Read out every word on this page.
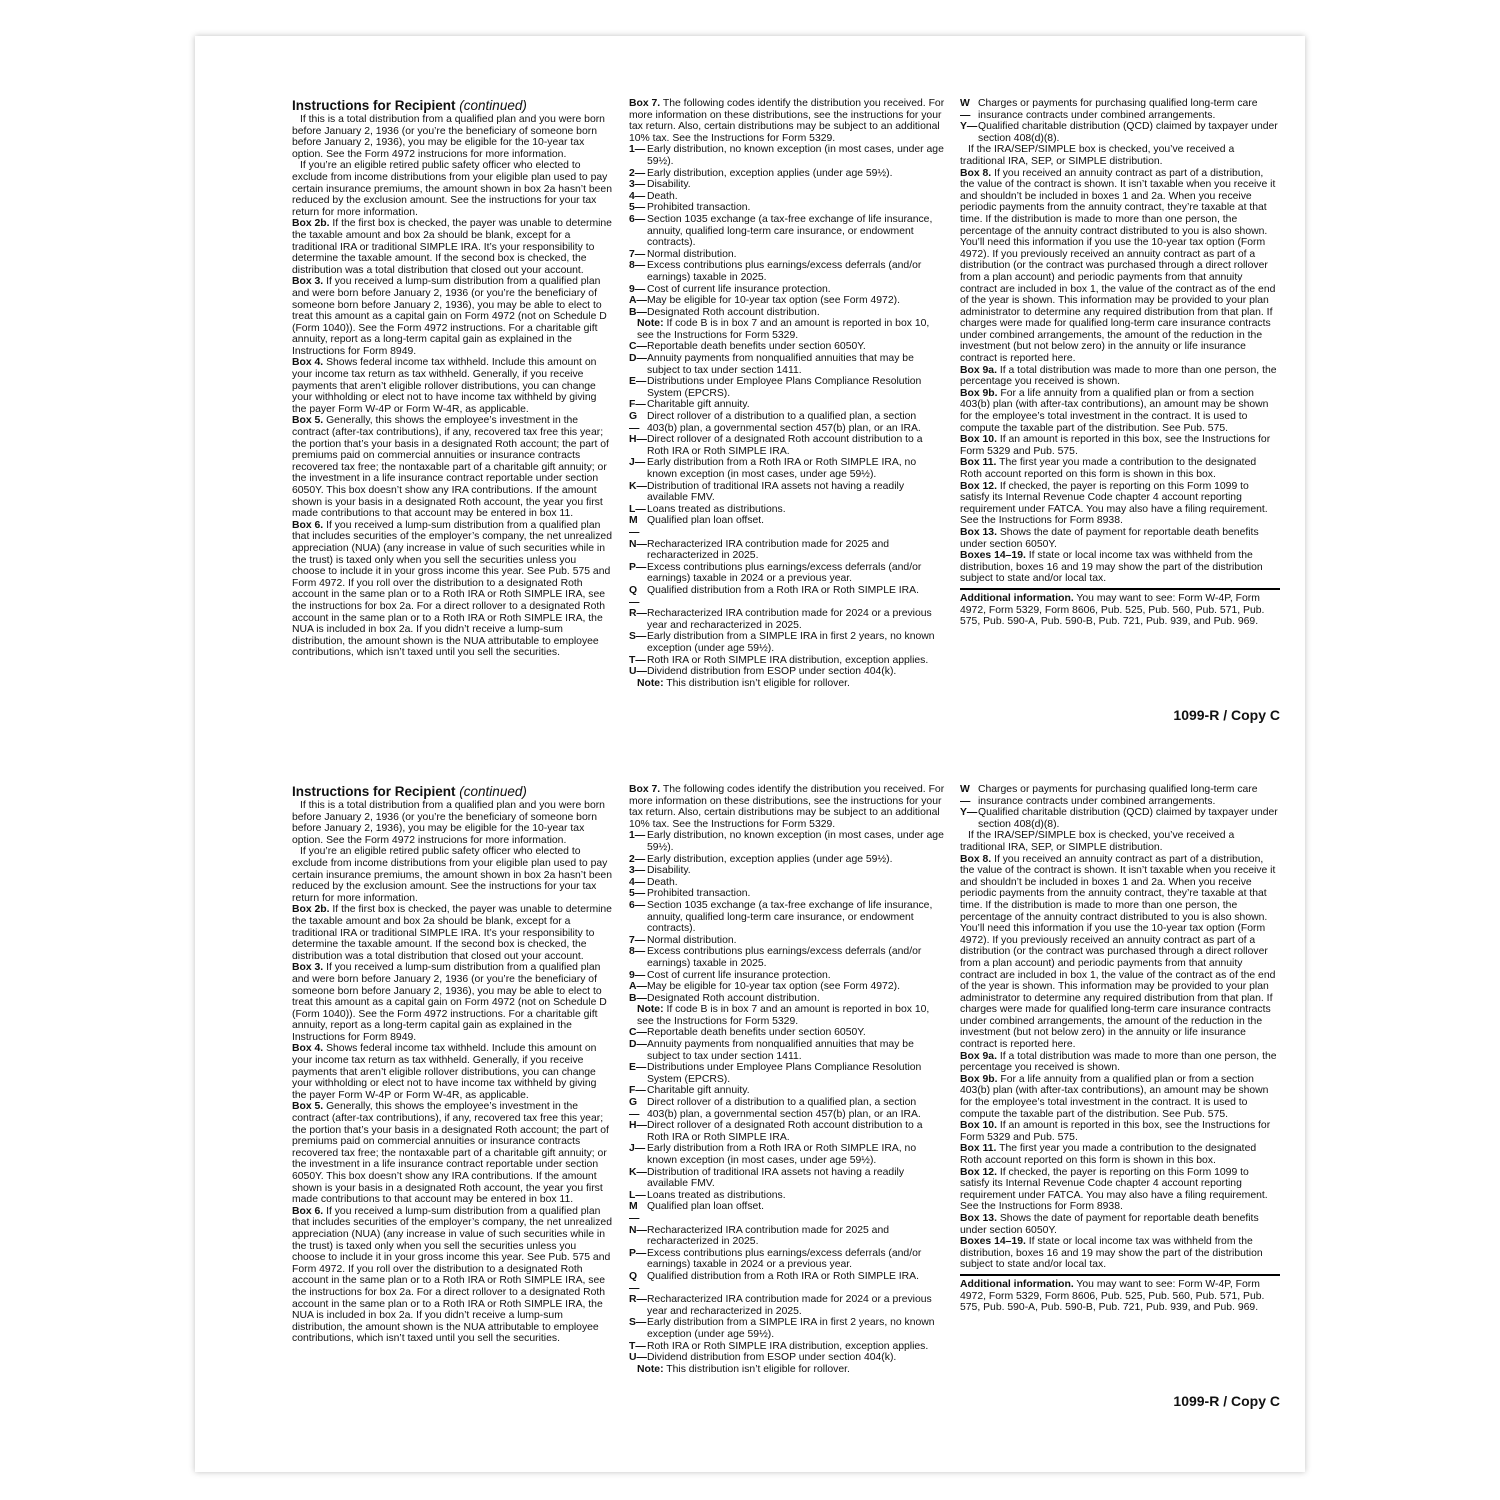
Instructions for Recipient (continued)

If this is a total distribution from a qualified plan and you were born before January 2, 1936 (or you’re the beneficiary of someone born before January 2, 1936), you may be eligible for the 10-year tax option. See the Form 4972 instrucions for more information.

If you’re an eligible retired public safety officer who elected to exclude from income distributions from your eligible plan used to pay certain insurance premiums, the amount shown in box 2a hasn’t been reduced by the exclusion amount. See the instructions for your tax return for more information.

Box 2b. If the first box is checked, the payer was unable to determine the taxable amount and box 2a should be blank, except for a traditional IRA or traditional SIMPLE IRA. It’s your responsibility to determine the taxable amount. If the second box is checked, the distribution was a total distribution that closed out your account.

Box 3. If you received a lump-sum distribution from a qualified plan and were born before January 2, 1936 (or you’re the beneficiary of someone born before January 2, 1936), you may be able to elect to treat this amount as a capital gain on Form 4972 (not on Schedule D (Form 1040)). See the Form 4972 instructions. For a charitable gift annuity, report as a long-term capital gain as explained in the Instructions for Form 8949.

Box 4. Shows federal income tax withheld. Include this amount on your income tax return as tax withheld. Generally, if you receive payments that aren’t eligible rollover distributions, you can change your withholding or elect not to have income tax withheld by giving the payer Form W-4P or Form W-4R, as applicable.

Box 5. Generally, this shows the employee’s investment in the contract (after-tax contributions), if any, recovered tax free this year; the portion that’s your basis in a designated Roth account; the part of premiums paid on commercial annuities or insurance contracts recovered tax free; the nontaxable part of a charitable gift annuity; or the investment in a life insurance contract reportable under section 6050Y. This box doesn’t show any IRA contributions. If the amount shown is your basis in a designated Roth account, the year you first made contributions to that account may be entered in box 11.

Box 6. If you received a lump-sum distribution from a qualified plan that includes securities of the employer’s company, the net unrealized appreciation (NUA) (any increase in value of such securities while in the trust) is taxed only when you sell the securities unless you choose to include it in your gross income this year. See Pub. 575 and Form 4972. If you roll over the distribution to a designated Roth account in the same plan or to a Roth IRA or Roth SIMPLE IRA, see the instructions for box 2a. For a direct rollover to a designated Roth account in the same plan or to a Roth IRA or Roth SIMPLE IRA, the NUA is included in box 2a. If you didn’t receive a lump-sum distribution, the amount shown is the NUA attributable to employee contributions, which isn’t taxed until you sell the securities.

Box 7. The following codes identify the distribution you received. For more information on these distributions, see the instructions for your tax return. Also, certain distributions may be subject to an additional 10% tax. See the Instructions for Form 5329.

1— Early distribution, no known exception (in most cases, under age 59½).
2— Early distribution, exception applies (under age 59½).
3— Disability.
4— Death.
5— Prohibited transaction.
6— Section 1035 exchange (a tax-free exchange of life insurance, annuity, qualified long-term care insurance, or endowment contracts).
7— Normal distribution.
8— Excess contributions plus earnings/excess deferrals (and/or earnings) taxable in 2025.
9— Cost of current life insurance protection.
A— May be eligible for 10-year tax option (see Form 4972).
B— Designated Roth account distribution.

Note: If code B is in box 7 and an amount is reported in box 10, see the Instructions for Form 5329.

C— Reportable death benefits under section 6050Y.
D— Annuity payments from nonqualified annuities that may be subject to tax under section 1411.
E— Distributions under Employee Plans Compliance Resolution System (EPCRS).
F— Charitable gift annuity.
G—
Direct rollover of a distribution to a qualified plan, a section 403(b) plan, a governmental section 457(b) plan, or an IRA.
H— Direct rollover of a designated Roth account distribution to a Roth IRA or Roth SIMPLE IRA.
J— Early distribution from a Roth IRA or Roth SIMPLE IRA, no known exception (in most cases, under age 59½).
K— Distribution of traditional IRA assets not having a readily available FMV.
L— Loans treated as distributions.
M—
Qualified plan loan offset.
N— Recharacterized IRA contribution made for 2025 and recharacterized in 2025.
P— Excess contributions plus earnings/excess deferrals (and/or earnings) taxable in 2024 or a previous year.
Q—
Qualified distribution from a Roth IRA or Roth SIMPLE IRA.
R— Recharacterized IRA contribution made for 2024 or a previous year and recharacterized in 2025.
S— Early distribution from a SIMPLE IRA in first 2 years, no known exception (under age 59½).
T— Roth IRA or Roth SIMPLE IRA distribution, exception applies.
U— Dividend distribution from ESOP under section 404(k).

Note: This distribution isn’t eligible for rollover.

W—
Charges or payments for purchasing qualified long-term care insurance contracts under combined arrangements.
Y— Qualified charitable distribution (QCD) claimed by taxpayer under section 408(d)(8).

If the IRA/SEP/SIMPLE box is checked, you’ve received a traditional IRA, SEP, or SIMPLE distribution.

Box 8. If you received an annuity contract as part of a distribution, the value of the contract is shown. It isn’t taxable when you receive it and shouldn’t be included in boxes 1 and 2a. When you receive periodic payments from the annuity contract, they’re taxable at that time. If the distribution is made to more than one person, the percentage of the annuity contract distributed to you is also shown. You’ll need this information if you use the 10-year tax option (Form 4972). If you previously received an annuity contract as part of a distribution (or the contract was purchased through a direct rollover from a plan account) and periodic payments from that annuity contract are included in box 1, the value of the contract as of the end of the year is shown. This information may be provided to your plan administrator to determine any required distribution from that plan. If charges were made for qualified long-term care insurance contracts under combined arrangements, the amount of the reduction in the investment (but not below zero) in the annuity or life insurance contract is reported here.

Box 9a. If a total distribution was made to more than one person, the percentage you received is shown.

Box 9b. For a life annuity from a qualified plan or from a section 403(b) plan (with after-tax contributions), an amount may be shown for the employee’s total investment in the contract. It is used to compute the taxable part of the distribution. See Pub. 575.

Box 10. If an amount is reported in this box, see the Instructions for Form 5329 and Pub. 575.

Box 11. The first year you made a contribution to the designated Roth account reported on this form is shown in this box.

Box 12. If checked, the payer is reporting on this Form 1099 to satisfy its Internal Revenue Code chapter 4 account reporting requirement under FATCA. You may also have a filing requirement. See the Instructions for Form 8938.

Box 13. Shows the date of payment for reportable death benefits under section 6050Y.

Boxes 14–19. If state or local income tax was withheld from the distribution, boxes 16 and 19 may show the part of the distribution subject to state and/or local tax.

Additional information. You may want to see: Form W-4P, Form 4972, Form 5329, Form 8606, Pub. 525, Pub. 560, Pub. 571, Pub. 575, Pub. 590-A, Pub. 590-B, Pub. 721, Pub. 939, and Pub. 969.

1099-R / Copy C
Instructions for Recipient (continued)

If this is a total distribution from a qualified plan and you were born before January 2, 1936 (or you’re the beneficiary of someone born before January 2, 1936), you may be eligible for the 10-year tax option. See the Form 4972 instrucions for more information.

If you’re an eligible retired public safety officer who elected to exclude from income distributions from your eligible plan used to pay certain insurance premiums, the amount shown in box 2a hasn’t been reduced by the exclusion amount. See the instructions for your tax return for more information.

Box 2b. If the first box is checked, the payer was unable to determine the taxable amount and box 2a should be blank, except for a traditional IRA or traditional SIMPLE IRA. It’s your responsibility to determine the taxable amount. If the second box is checked, the distribution was a total distribution that closed out your account.

Box 3. If you received a lump-sum distribution from a qualified plan and were born before January 2, 1936 (or you’re the beneficiary of someone born before January 2, 1936), you may be able to elect to treat this amount as a capital gain on Form 4972 (not on Schedule D (Form 1040)). See the Form 4972 instructions. For a charitable gift annuity, report as a long-term capital gain as explained in the Instructions for Form 8949.

Box 4. Shows federal income tax withheld. Include this amount on your income tax return as tax withheld. Generally, if you receive payments that aren’t eligible rollover distributions, you can change your withholding or elect not to have income tax withheld by giving the payer Form W-4P or Form W-4R, as applicable.

Box 5. Generally, this shows the employee’s investment in the contract (after-tax contributions), if any, recovered tax free this year; the portion that’s your basis in a designated Roth account; the part of premiums paid on commercial annuities or insurance contracts recovered tax free; the nontaxable part of a charitable gift annuity; or the investment in a life insurance contract reportable under section 6050Y. This box doesn’t show any IRA contributions. If the amount shown is your basis in a designated Roth account, the year you first made contributions to that account may be entered in box 11.

Box 6. If you received a lump-sum distribution from a qualified plan that includes securities of the employer’s company, the net unrealized appreciation (NUA) (any increase in value of such securities while in the trust) is taxed only when you sell the securities unless you choose to include it in your gross income this year. See Pub. 575 and Form 4972. If you roll over the distribution to a designated Roth account in the same plan or to a Roth IRA or Roth SIMPLE IRA, see the instructions for box 2a. For a direct rollover to a designated Roth account in the same plan or to a Roth IRA or Roth SIMPLE IRA, the NUA is included in box 2a. If you didn’t receive a lump-sum distribution, the amount shown is the NUA attributable to employee contributions, which isn’t taxed until you sell the securities.

Box 7. The following codes identify the distribution you received. For more information on these distributions, see the instructions for your tax return. Also, certain distributions may be subject to an additional 10% tax. See the Instructions for Form 5329.

1— Early distribution, no known exception (in most cases, under age 59½).
2— Early distribution, exception applies (under age 59½).
3— Disability.
4— Death.
5— Prohibited transaction.
6— Section 1035 exchange (a tax-free exchange of life insurance, annuity, qualified long-term care insurance, or endowment contracts).
7— Normal distribution.
8— Excess contributions plus earnings/excess deferrals (and/or earnings) taxable in 2025.
9— Cost of current life insurance protection.
A— May be eligible for 10-year tax option (see Form 4972).
B— Designated Roth account distribution.

Note: If code B is in box 7 and an amount is reported in box 10, see the Instructions for Form 5329.

C— Reportable death benefits under section 6050Y.
D— Annuity payments from nonqualified annuities that may be subject to tax under section 1411.
E— Distributions under Employee Plans Compliance Resolution System (EPCRS).
F— Charitable gift annuity.
G—
Direct rollover of a distribution to a qualified plan, a section 403(b) plan, a governmental section 457(b) plan, or an IRA.
H— Direct rollover of a designated Roth account distribution to a Roth IRA or Roth SIMPLE IRA.
J— Early distribution from a Roth IRA or Roth SIMPLE IRA, no known exception (in most cases, under age 59½).
K— Distribution of traditional IRA assets not having a readily available FMV.
L— Loans treated as distributions.
M—
Qualified plan loan offset.
N— Recharacterized IRA contribution made for 2025 and recharacterized in 2025.
P— Excess contributions plus earnings/excess deferrals (and/or earnings) taxable in 2024 or a previous year.
Q—
Qualified distribution from a Roth IRA or Roth SIMPLE IRA.
R— Recharacterized IRA contribution made for 2024 or a previous year and recharacterized in 2025.
S— Early distribution from a SIMPLE IRA in first 2 years, no known exception (under age 59½).
T— Roth IRA or Roth SIMPLE IRA distribution, exception applies.
U— Dividend distribution from ESOP under section 404(k).

Note: This distribution isn’t eligible for rollover.

W—
Charges or payments for purchasing qualified long-term care insurance contracts under combined arrangements.
Y— Qualified charitable distribution (QCD) claimed by taxpayer under section 408(d)(8).

If the IRA/SEP/SIMPLE box is checked, you’ve received a traditional IRA, SEP, or SIMPLE distribution.

Box 8. If you received an annuity contract as part of a distribution, the value of the contract is shown. It isn’t taxable when you receive it and shouldn’t be included in boxes 1 and 2a. When you receive periodic payments from the annuity contract, they’re taxable at that time. If the distribution is made to more than one person, the percentage of the annuity contract distributed to you is also shown. You’ll need this information if you use the 10-year tax option (Form 4972). If you previously received an annuity contract as part of a distribution (or the contract was purchased through a direct rollover from a plan account) and periodic payments from that annuity contract are included in box 1, the value of the contract as of the end of the year is shown. This information may be provided to your plan administrator to determine any required distribution from that plan. If charges were made for qualified long-term care insurance contracts under combined arrangements, the amount of the reduction in the investment (but not below zero) in the annuity or life insurance contract is reported here.

Box 9a. If a total distribution was made to more than one person, the percentage you received is shown.

Box 9b. For a life annuity from a qualified plan or from a section 403(b) plan (with after-tax contributions), an amount may be shown for the employee’s total investment in the contract. It is used to compute the taxable part of the distribution. See Pub. 575.

Box 10. If an amount is reported in this box, see the Instructions for Form 5329 and Pub. 575.

Box 11. The first year you made a contribution to the designated Roth account reported on this form is shown in this box.

Box 12. If checked, the payer is reporting on this Form 1099 to satisfy its Internal Revenue Code chapter 4 account reporting requirement under FATCA. You may also have a filing requirement. See the Instructions for Form 8938.

Box 13. Shows the date of payment for reportable death benefits under section 6050Y.

Boxes 14–19. If state or local income tax was withheld from the distribution, boxes 16 and 19 may show the part of the distribution subject to state and/or local tax.

Additional information. You may want to see: Form W-4P, Form 4972, Form 5329, Form 8606, Pub. 525, Pub. 560, Pub. 571, Pub. 575, Pub. 590-A, Pub. 590-B, Pub. 721, Pub. 939, and Pub. 969.

1099-R / Copy C
